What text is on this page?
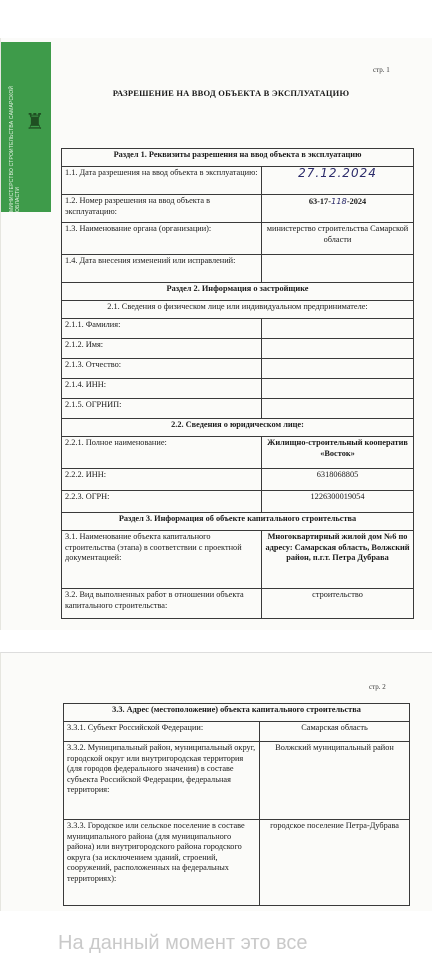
МИНИСТЕРСТВО СТРОИТЕЛЬСТВА САМАРСКОЙ ОБЛАСТИ
♜
стр. 1
РАЗРЕШЕНИЕ НА ВВОД ОБЪЕКТА В ЭКСПЛУАТАЦИЮ
Раздел 1. Реквизиты разрешения на ввод объекта в эксплуатацию	
1.1. Дата разрешения на ввод объекта в эксплуатацию:	27.12.2024
1.2. Номер разрешения на ввод объекта в эксплуатацию:	63-17-118-2024
1.3. Наименование органа (организации):	министерство строительства Самарской области
1.4. Дата внесения изменений или исправлений:	
Раздел 2. Информация о застройщике	
2.1. Сведения о физическом лице или индивидуальном предпринимателе:	
2.1.1. Фамилия:	
2.1.2. Имя:	
2.1.3. Отчество:	
2.1.4. ИНН:	
2.1.5. ОГРНИП:	
2.2. Сведения о юридическом лице:	
2.2.1. Полное наименование:	Жилищно-строительный кооператив «Восток»
2.2.2. ИНН:	6318068805
2.2.3. ОГРН:	1226300019054
Раздел 3. Информация об объекте капитального строительства	
3.1. Наименование объекта капитального строительства (этапа) в соответствии с проектной документацией:	Многоквартирный жилой дом №6 по адресу: Самарская область, Волжский район, п.г.т. Петра Дубрава
3.2. Вид выполненных работ в отношении объекта капитального строительства:	строительство
стр. 2
3.3. Адрес (местоположение) объекта капитального строительства	
3.3.1. Субъект Российской Федерации:	Самарская область
3.3.2. Муниципальный район, муниципальный округ, городской округ или внутригородская территория (для городов федерального значения) в составе субъекта Российской Федерации, федеральная территория:	Волжский муниципальный район
3.3.3. Городское или сельское поселение в составе муниципального района (для муниципального района) или внутригородского района городского округа (за исключением зданий, строений, сооружений, расположенных на федеральных территориях):	городское поселение Петра-Дубрава
На данный момент это все
